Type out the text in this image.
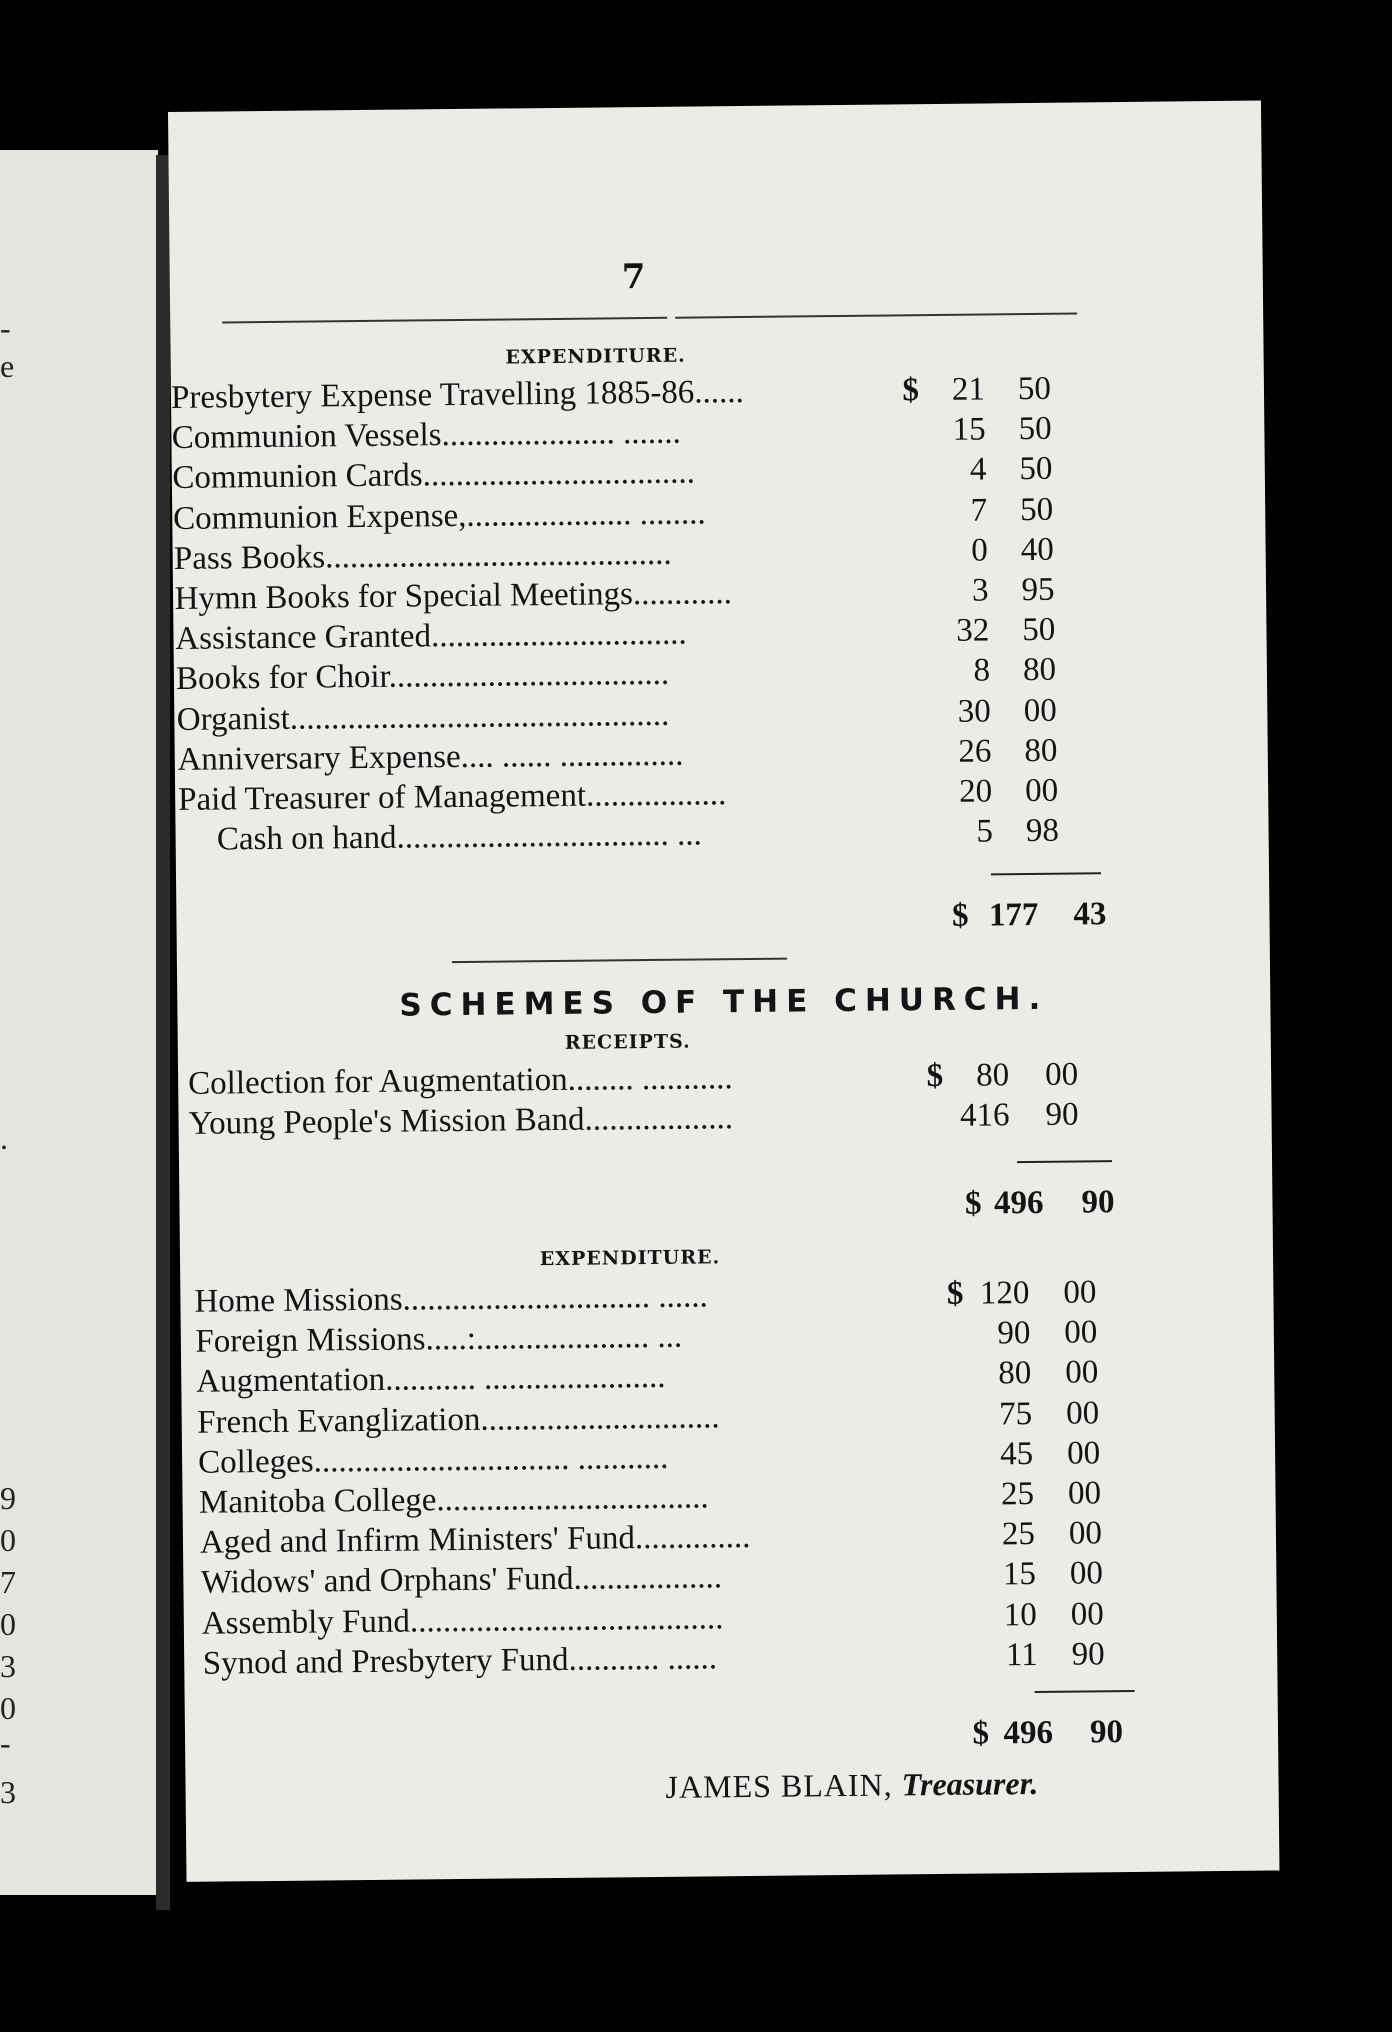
e
-
.
9
0
7
0
3
0
-
3
7
EXPENDITURE.
Presbytery Expense Travelling 1885-86......	$ 21 50
Communion Vessels..................... .......	15 50
Communion Cards.................................	4 50
Communion Expense,.................... ........	7 50
Pass Books..........................................	0 40
Hymn Books for Special Meetings............	3 95
Assistance Granted...............................	32 50
Books for Choir..................................	8 80
Organist..............................................	30 00
Anniversary Expense.... ...... ...............	26 80
Paid Treasurer of Management.................	20 00
Cash on hand................................. ...	5 98
$ 177	43
SCHEMES OF THE CHURCH.
RECEIPTS.
Collection for Augmentation........ ...........	$ 80	00
Young People's Mission Band..................	416	90
$ 496	90
EXPENDITURE.
Home Missions.............................. ......	$ 120	00
Foreign Missions.....:..................... ...	90	00
Augmentation........... ......................	80	00
French Evanglization.............................	75	00
Colleges............................... ...........	45	00
Manitoba College.................................	25	00
Aged and Infirm Ministers' Fund..............	25	00
Widows' and Orphans' Fund..................	15	00
Assembly Fund......................................	10	00
Synod and Presbytery Fund........... ......	11	90
$ 496	90
JAMES BLAIN, Treasurer.
